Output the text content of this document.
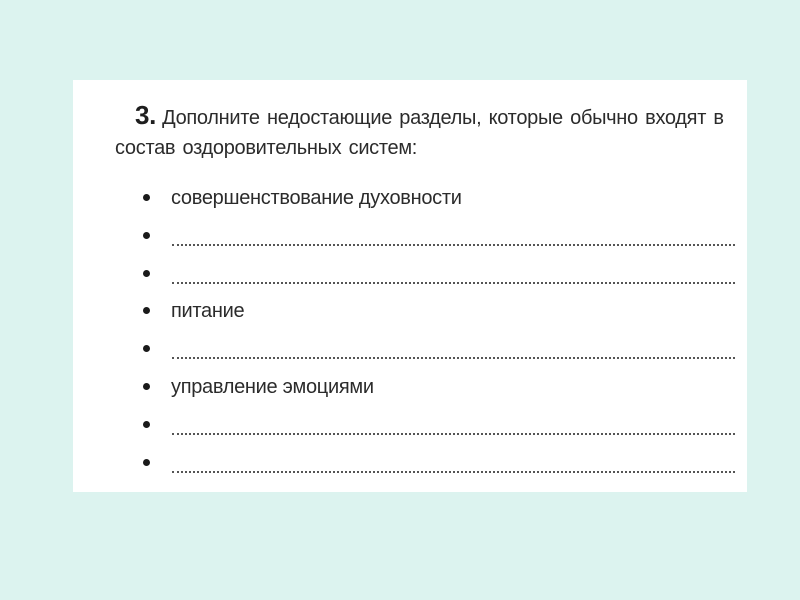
3. Дополните недостающие разделы, которые обычно входят в
состав оздоровительных систем:
совершенствование духовности
питание
управление эмоциями
